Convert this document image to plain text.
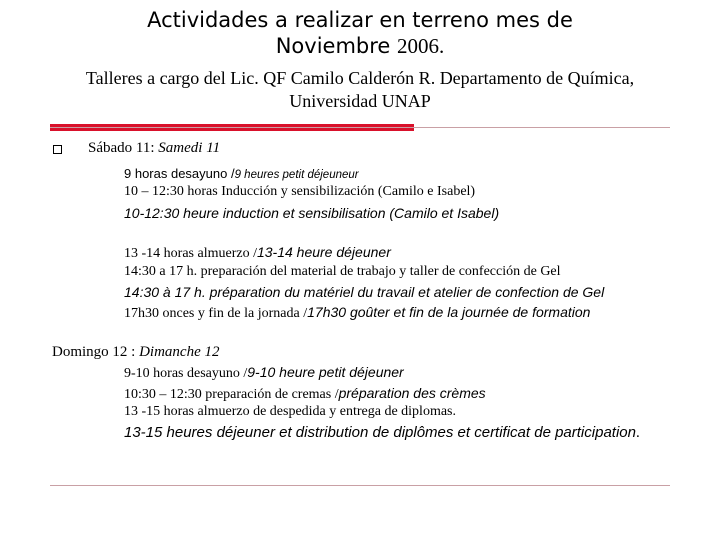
Actividades a realizar en terreno mes de
Noviembre 2006.
Talleres a cargo del Lic. QF Camilo Calderón R. Departamento de Química,
Universidad UNAP
Sábado 11: Samedi 11
9 horas desayuno /9 heures petit déjeuneur
10 – 12:30 horas Inducción y sensibilización (Camilo e Isabel)
10-12:30 heure induction et sensibilisation (Camilo et Isabel)
13 -14 horas almuerzo /13-14 heure déjeuner
14:30 a 17 h. preparación del material de trabajo y taller de confección de Gel
14:30 à 17 h. préparation du matériel du travail et atelier de confection de Gel
17h30 onces y fin de la jornada /17h30 goûter et fin de la journée de formation
Domingo 12 : Dimanche 12
9-10 horas desayuno /9-10 heure petit déjeuner
10:30 – 12:30 preparación de cremas /préparation des crèmes
13 -15 horas almuerzo de despedida y entrega de diplomas.
13-15 heures déjeuner et distribution de diplômes et certificat de participation.
